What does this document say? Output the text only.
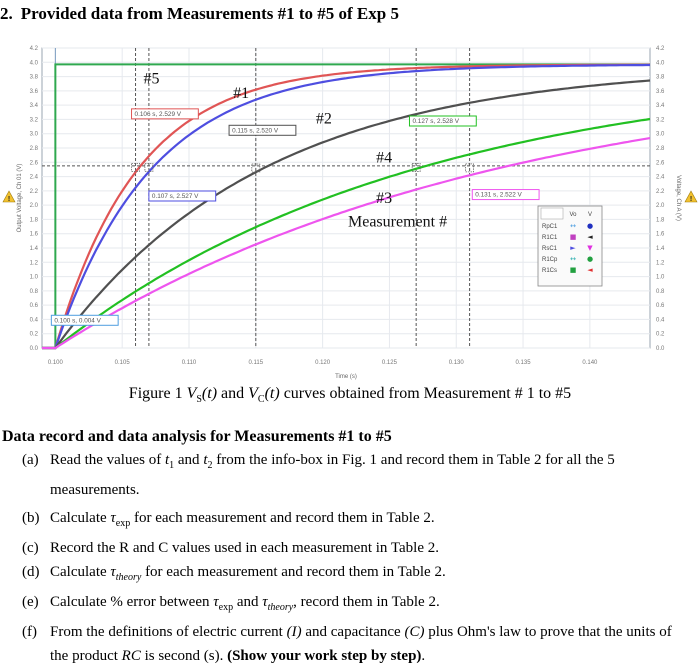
2. Provided data from Measurements #1 to #5 of Exp 5
0.0	0.0
0.2	0.2
0.4	0.4
0.6	0.6
0.8	0.8
1.0	1.0
1.2	1.2
1.4	1.4
1.6	1.6
1.8	1.8
2.0	2.0
2.2	2.2
2.4	2.4
2.6	2.6
2.8	2.8
3.0	3.0
3.2	3.2
3.4	3.4
3.6	3.6
3.8	3.8
4.0	4.0
4.2	4.2
0.100	0.105	0.110	0.115	0.120	0.125	0.130	0.135	0.140
Time (s)
Output Voltage, Ch 01 (V)	Voltage, Ch A (V)
!	!
#5
#1
#2
#4
#3
Measurement #
0.106 s, 2.529 V
0.115 s, 2.520 V
0.127 s, 2.528 V
0.107 s, 2.527 V	0.131 s, 2.522 V
0.100 s, 0.004 V
Vo V
RpC1 ↔ ●
R1C1 ■ ◄
RsC1 ► ▼
R1Cp ↔ ●
R1Cs ■ ◄
Figure 1 $V_S(t)$ and $V_C(t)$ curves obtained from Measurement # 1 to #5
Data record and data analysis for Measurements #1 to #5
(a) Read the values of $t_1$ and $t_2$ from the info-box in Fig. 1 and record them in Table 2 for all the 5 measurements.
(b) Calculate $\tau_{exp}$ for each measurement and record them in Table 2.
(c) Record the R and C values used in each measurement in Table 2.
(d) Calculate $\tau_{theory}$ for each measurement and record them in Table 2.
(e) Calculate % error between $\tau_{exp}$ and $\tau_{theory}$, record them in Table 2.
(f) From the definitions of electric current (I) and capacitance (C) plus Ohm's law to prove that the units of the product RC is second (s). (Show your work step by step).
